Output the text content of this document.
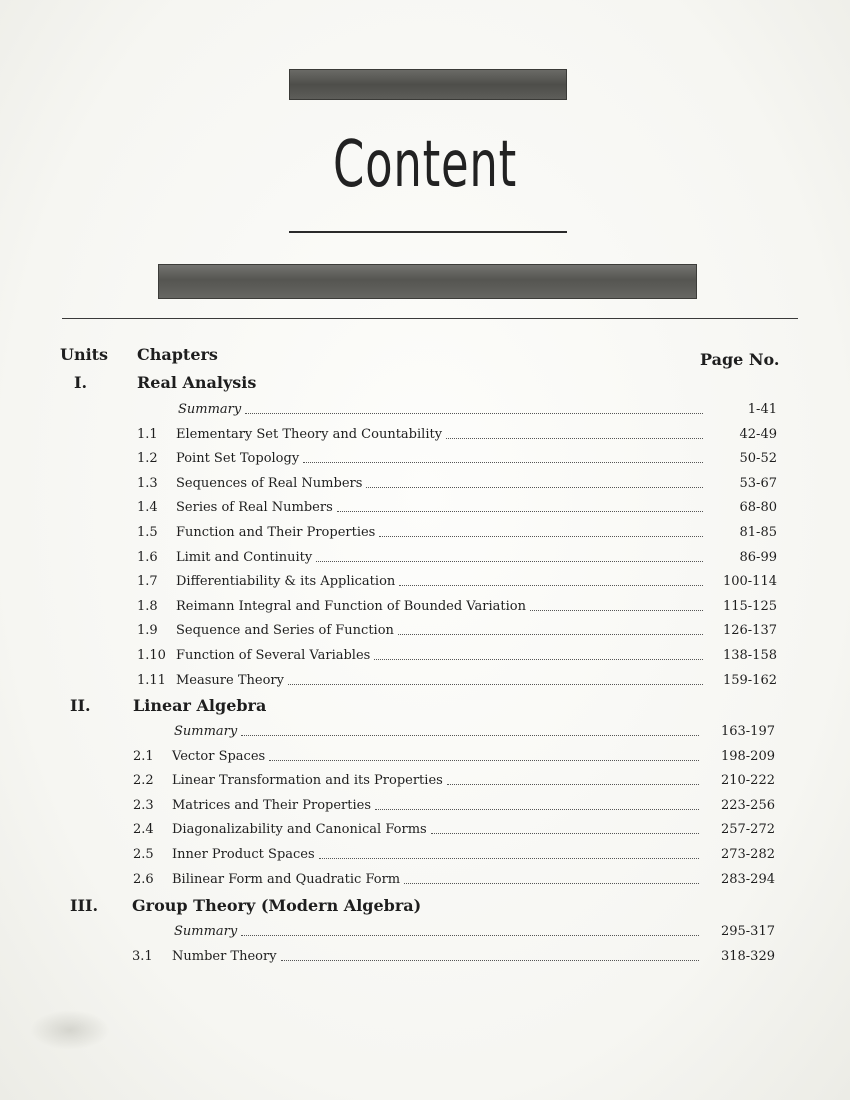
Content
Units Chapters	Page No.
I.	Real Analysis
Summary	1-41
1.1 Elementary Set Theory and Countability	42-49
1.2 Point Set Topology	50-52
1.3 Sequences of Real Numbers	53-67
1.4 Series of Real Numbers	68-80
1.5 Function and Their Properties	81-85
1.6 Limit and Continuity	86-99
1.7 Differentiability & its Application	100-114
1.8 Reimann Integral and Function of Bounded Variation	115-125
1.9 Sequence and Series of Function	126-137
1.10 Function of Several Variables	138-158
1.11 Measure Theory	159-162
II.	Linear Algebra
Summary	163-197
2.1 Vector Spaces	198-209
2.2 Linear Transformation and its Properties	210-222
2.3 Matrices and Their Properties	223-256
2.4 Diagonalizability and Canonical Forms	257-272
2.5 Inner Product Spaces	273-282
2.6 Bilinear Form and Quadratic Form	283-294
III. Group Theory (Modern Algebra)
Summary	295-317
3.1 Number Theory	318-329
